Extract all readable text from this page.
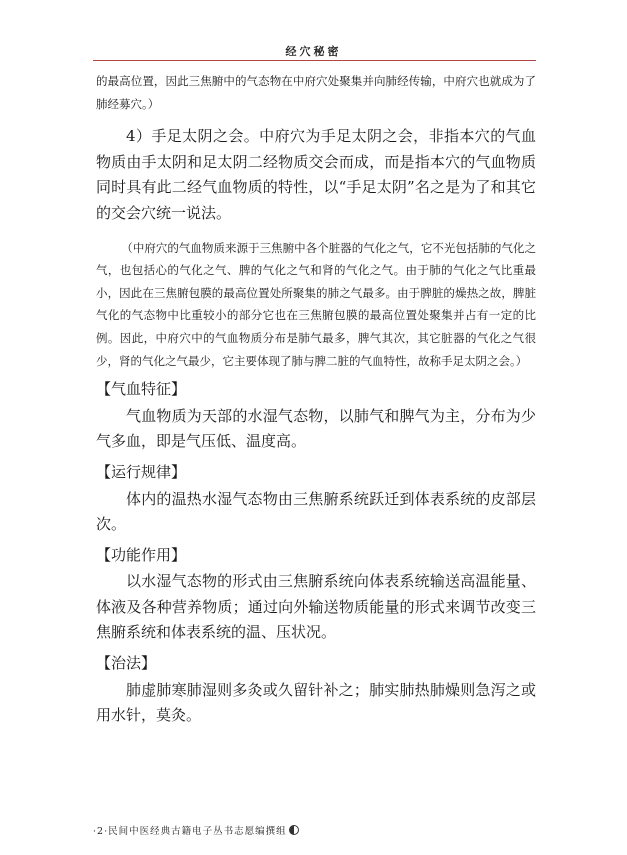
经穴秘密

的最高位置，因此三焦腑中的气态物在中府穴处聚集并向肺经传输，中府穴也就成为了肺经募穴。）

4）手足太阴之会。中府穴为手足太阴之会，非指本穴的气血物质由手太阴和足太阴二经物质交会而成，而是指本穴的气血物质同时具有此二经气血物质的特性，以“手足太阴”名之是为了和其它的交会穴统一说法。

（中府穴的气血物质来源于三焦腑中各个脏器的气化之气，它不光包括肺的气化之气，也包括心的气化之气、脾的气化之气和肾的气化之气。由于肺的气化之气比重最小，因此在三焦腑包膜的最高位置处所聚集的肺之气最多。由于脾脏的燥热之故，脾脏气化的气态物中比重较小的部分它也在三焦腑包膜的最高位置处聚集并占有一定的比例。因此，中府穴中的气血物质分布是肺气最多，脾气其次，其它脏器的气化之气很少，肾的气化之气最少，它主要体现了肺与脾二脏的气血特性，故称手足太阴之会。）

【气血特征】

气血物质为天部的水湿气态物，以肺气和脾气为主，分布为少气多血，即是气压低、温度高。

【运行规律】

体内的温热水湿气态物由三焦腑系统跃迁到体表系统的皮部层次。

【功能作用】

以水湿气态物的形式由三焦腑系统向体表系统输送高温能量、体液及各种营养物质；通过向外输送物质能量的形式来调节改变三焦腑系统和体表系统的温、压状况。

【治法】

肺虚肺寒肺湿则多灸或久留针补之；肺实肺热肺燥则急泻之或用水针，莫灸。

·2·民间中医经典古籍电子丛书志愿编撰组
